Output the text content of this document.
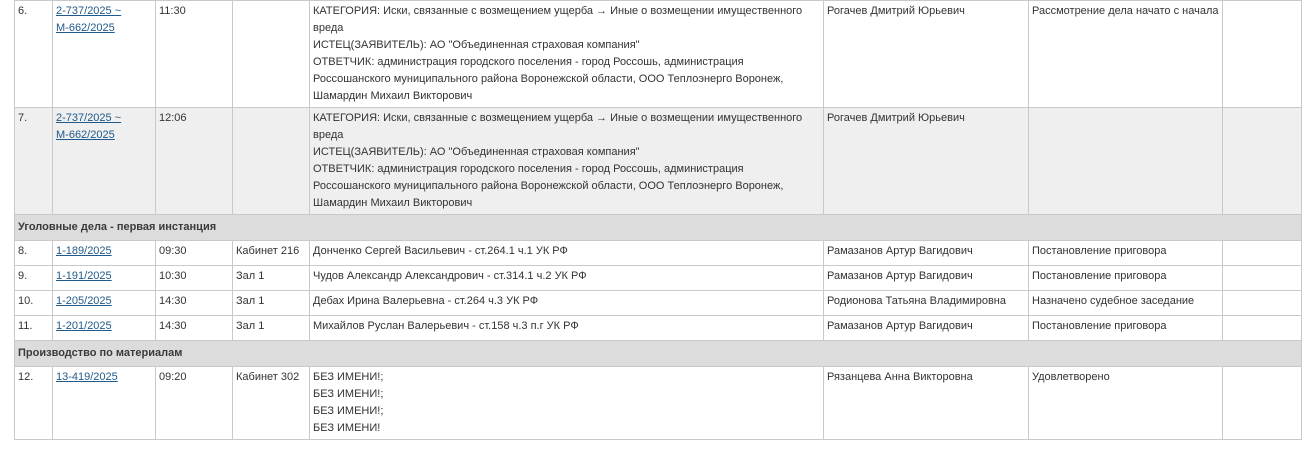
6.	2-737/2025 ~ М-662/2025	11:30		КАТЕГОРИЯ: Иски, связанные с возмещением ущерба → Иные о возмещении имущественного вреда
ИСТЕЦ(ЗАЯВИТЕЛЬ): АО "Объединенная страховая компания"
ОТВЕТЧИК: администрация городского поселения - город Россошь, администрация Россошанского муниципального района Воронежской области, ООО Теплоэнерго Воронеж, Шамардин Михаил Викторович	Рогачев Дмитрий Юрьевич	Рассмотрение дела начато с начала	
7.	2-737/2025 ~ М-662/2025	12:06		КАТЕГОРИЯ: Иски, связанные с возмещением ущерба → Иные о возмещении имущественного вреда
ИСТЕЦ(ЗАЯВИТЕЛЬ): АО "Объединенная страховая компания"
ОТВЕТЧИК: администрация городского поселения - город Россошь, администрация Россошанского муниципального района Воронежской области, ООО Теплоэнерго Воронеж, Шамардин Михаил Викторович	Рогачев Дмитрий Юрьевич		
Уголовные дела - первая инстанция							
8.	1-189/2025	09:30	Кабинет 216	Донченко Сергей Васильевич - ст.264.1 ч.1 УК РФ	Рамазанов Артур Вагидович	Постановление приговора	
9.	1-191/2025	10:30	Зал 1	Чудов Александр Александрович - ст.314.1 ч.2 УК РФ	Рамазанов Артур Вагидович	Постановление приговора	
10.	1-205/2025	14:30	Зал 1	Дебах Ирина Валерьевна - ст.264 ч.3 УК РФ	Родионова Татьяна Владимировна	Назначено судебное заседание	
11.	1-201/2025	14:30	Зал 1	Михайлов Руслан Валерьевич - ст.158 ч.3 п.г УК РФ	Рамазанов Артур Вагидович	Постановление приговора	
Производство по материалам							
12.	13-419/2025	09:20	Кабинет 302	БЕЗ ИМЕНИ!;
БЕЗ ИМЕНИ!;
БЕЗ ИМЕНИ!;
БЕЗ ИМЕНИ!	Рязанцева Анна Викторовна	Удовлетворено	
